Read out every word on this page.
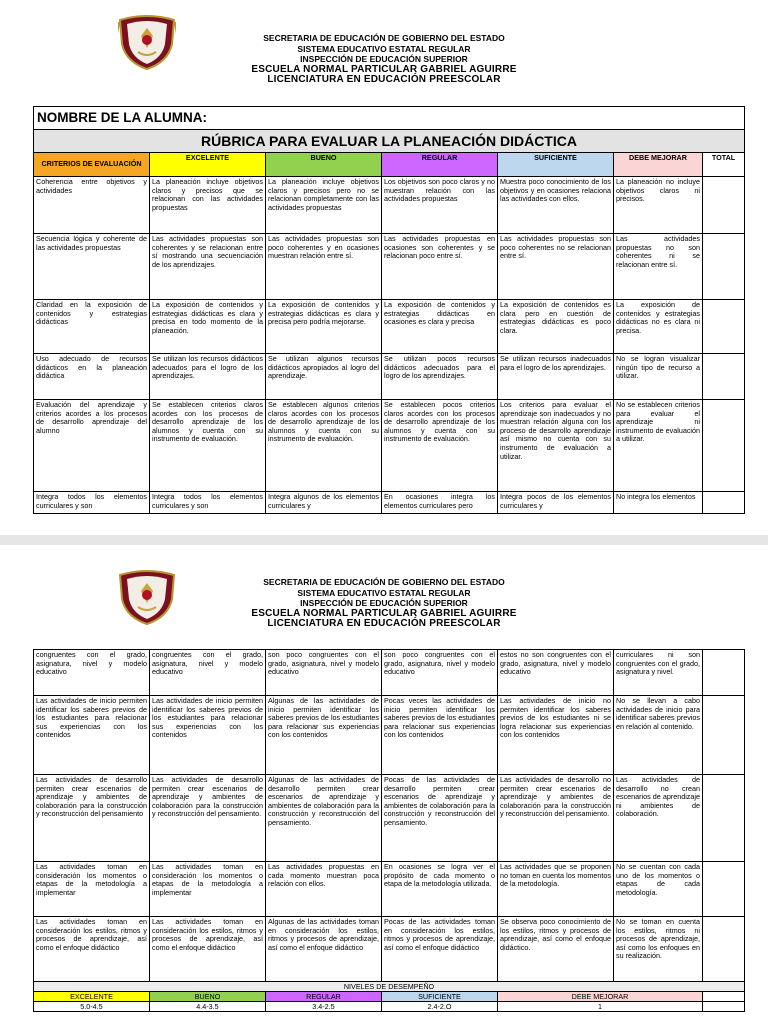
SECRETARIA DE EDUCACIÓN DE GOBIERNO DEL ESTADO
SISTEMA EDUCATIVO ESTATAL REGULAR
INSPECCIÓN DE EDUCACIÓN SUPERIOR
ESCUELA NORMAL PARTICULAR GABRIEL AGUIRRE
LICENCIATURA EN EDUCACIÓN PREESCOLAR
NOMBRE DE LA ALUMNA:						
RÚBRICA PARA EVALUAR LA PLANEACIÓN DIDÁCTICA						
CRITERIOS DE EVALUACIÓN	EXCELENTE	BUENO	REGULAR	SUFICIENTE	DEBE MEJORAR	TOTAL
Coherencia entre objetivos y actividades	La planeación incluye objetivos claros y precisos que se relacionan con las actividades propuestas	La planeación incluye objetivos claros y precisos pero no se relacionan completamente con las actividades propuestas	Los objetivos son poco claros y no muestran relación con las actividades propuestas	Muestra poco conocimiento de los objetivos y en ocasiones relaciona las actividades con ellos.	La planeación no incluye objetivos claros ni precisos.	
Secuencia lógica y coherente de las actividades propuestas	Las actividades propuestas son coherentes y se relacionan entre sí mostrando una secuenciación de los aprendizajes.	Las actividades propuestas son poco coherentes y en ocasiones muestran relación entre sí.	Las actividades propuestas en ocasiones son coherentes y se relacionan poco entre sí.	Las actividades propuestas son poco coherentes no se relacionan entre sí.	Las actividades propuestas no son coherentes ni se relacionan entre sí.	
Claridad en la exposición de contenidos y estrategias didácticas	La exposición de contenidos y estrategias didácticas es clara y precisa en todo momento de la planeación.	La exposición de contenidos y estrategias didácticas es clara y precisa pero podría mejorarse.	La exposición de contenidos y estrategias didácticas en ocasiones es clara y precisa	La exposición de contenidos es clara pero en cuestión de estrategias didácticas es poco clara.	La exposición de contenidos y estrategias didácticas no es clara ni precisa.	
Uso adecuado de recursos didácticos en la planeación didáctica	Se utilizan los recursos didácticos adecuados para el logro de los aprendizajes.	Se utilizan algunos recursos didácticos apropiados al logro del aprendizaje.	Se utilizan pocos recursos didácticos adecuados para el logro de los aprendizajes.	Se utilizan recursos inadecuados para el logro de los aprendizajes.	No se logran visualizar ningún tipo de recurso a utilizar.	
Evaluación del aprendizaje y criterios acordes a los procesos de desarrollo aprendizaje del alumno	Se establecen criterios claros acordes con los procesos de desarrollo aprendizaje de los alumnos y cuenta con su instrumento de evaluación.	Se establecen algunos criterios claros acordes con los procesos de desarrollo aprendizaje de los alumnos y cuenta con su instrumento de evaluación.	Se establecen pocos criterios claros acordes con los procesos de desarrollo aprendizaje de los alumnos y cuenta con su instrumento de evaluación.	Los criterios para evaluar el aprendizaje son inadecuados y no muestran relación alguna con los proceso de desarrollo aprendizaje así mismo no cuenta con su instrumento de evaluación a utilizar.	No se establecen criterios para evaluar el aprendizaje ni instrumento de evaluación a utilizar.	
Integra todos los elementos curriculares y son	Integra todos los elementos curriculares y son	Integra algunos de los elementos curriculares y	En ocasiones integra los elementos curriculares pero	Integra pocos de los elementos curriculares y	No integra los elementos	
SECRETARIA DE EDUCACIÓN DE GOBIERNO DEL ESTADO
SISTEMA EDUCATIVO ESTATAL REGULAR
INSPECCIÓN DE EDUCACIÓN SUPERIOR
ESCUELA NORMAL PARTICULAR GABRIEL AGUIRRE
LICENCIATURA EN EDUCACIÓN PREESCOLAR
congruentes con el grado, asignatura, nivel y modelo educativo	congruentes con el grado, asignatura, nivel y modelo educativo	son poco congruentes con el grado, asignatura, nivel y modelo educativo	son poco congruentes con el grado, asignatura, nivel y modelo educativo	estos no son congruentes con el grado, asignatura, nivel y modelo educativo	curriculares ni son congruentes con el grado, asignatura y nivel.	
Las actividades de inicio permiten identificar los saberes previos de los estudiantes para relacionar sus experiencias con los contenidos	Las actividades de inicio permiten identificar los saberes previos de los estudiantes para relacionar sus experiencias con los contenidos	Algunas de las actividades de inicio permiten identificar los saberes previos de los estudiantes para relacionar sus experiencias con los contenidos	Pocas veces las actividades de inicio permiten identificar los saberes previos de los estudiantes para relacionar sus experiencias con los contenidos	Las actividades de inicio no permiten identificar los saberes previos de los estudiantes ni se logra relacionar sus experiencias con los contenidos	No se llevan a cabo actividades de inicio para identificar saberes previos en relación al contenido.	
Las actividades de desarrollo permiten crear escenarios de aprendizaje y ambientes de colaboración para la construcción y reconstrucción del pensamiento	Las actividades de desarrollo permiten crear escenarios de aprendizaje y ambientes de colaboración para la construcción y reconstrucción del pensamiento.	Algunas de las actividades de desarrollo permiten crear escenarios de aprendizaje y ambientes de colaboración para la construcción y reconstrucción del pensamiento.	Pocas de las actividades de desarrollo permiten crear escenarios de aprendizaje y ambientes de colaboración para la construcción y reconstrucción del pensamiento.	Las actividades de desarrollo no permiten crear escenarios de aprendizaje y ambientes de colaboración para la construcción y reconstrucción del pensamiento.	Las actividades de desarrollo no crean escenarios de aprendizaje ni ambientes de colaboración.	
Las actividades toman en consideración los momentos o etapas de la metodología a implementar	Las actividades toman en consideración los momentos o etapas de la metodología a implementar	Las actividades propuestas en cada momento muestran poca relación con ellos.	En ocasiones se logra ver el propósito de cada momento o etapa de la metodología utilizada.	Las actividades que se proponen no toman en cuenta los momentos de la metodología.	No se cuentan con cada uno de los momentos o etapas de cada metodología.	
Las actividades toman en consideración los estilos, ritmos y procesos de aprendizaje, así como el enfoque didáctico	Las actividades toman en consideración los estilos, ritmos y procesos de aprendizaje, así como el enfoque didáctico	Algunas de las actividades toman en consideración los estilos, ritmos y procesos de aprendizaje, así como el enfoque didáctico	Pocas de las actividades toman en consideración los estilos, ritmos y procesos de aprendizaje, así como el enfoque didáctico	Se observa poco conocimiento de los estilos, ritmos y procesos de aprendizaje, así como el enfoque didáctico.	No se toman en cuenta los estilos, ritmos ni procesos de aprendizaje, así como los enfoques en su realización.	
NIVELES DE DESEMPEÑO						
EXCELENTE	BUENO	REGULAR	SUFICIENTE	DEBE MEJORAR		
5.0-4.5	4.4-3.5	3.4-2.5	2.4-2.O	1		
